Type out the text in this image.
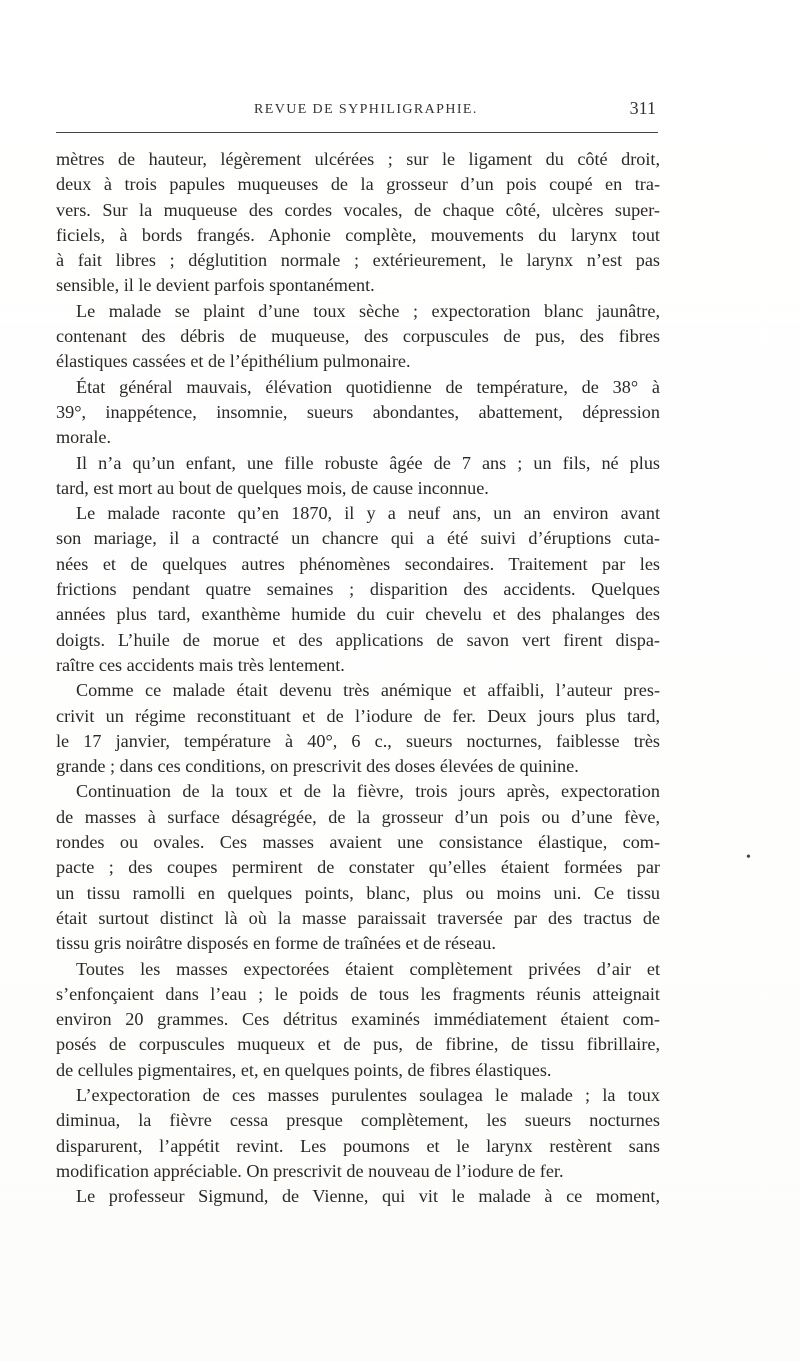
REVUE DE SYPHILIGRAPHIE.	311
mètres de hauteur, légèrement ulcérées ; sur le ligament du côté droit,
deux à trois papules muqueuses de la grosseur d’un pois coupé en tra-
vers. Sur la muqueuse des cordes vocales, de chaque côté, ulcères super-
ficiels, à bords frangés. Aphonie complète, mouvements du larynx tout
à fait libres ; déglutition normale ; extérieurement, le larynx n’est pas
sensible, il le devient parfois spontanément.
Le malade se plaint d’une toux sèche ; expectoration blanc jaunâtre,
contenant des débris de muqueuse, des corpuscules de pus, des fibres
élastiques cassées et de l’épithélium pulmonaire.
État général mauvais, élévation quotidienne de température, de 38° à
39°, inappétence, insomnie, sueurs abondantes, abattement, dépression
morale.
Il n’a qu’un enfant, une fille robuste âgée de 7 ans ; un fils, né plus
tard, est mort au bout de quelques mois, de cause inconnue.
Le malade raconte qu’en 1870, il y a neuf ans, un an environ avant
son mariage, il a contracté un chancre qui a été suivi d’éruptions cuta-
nées et de quelques autres phénomènes secondaires. Traitement par les
frictions pendant quatre semaines ; disparition des accidents. Quelques
années plus tard, exanthème humide du cuir chevelu et des phalanges des
doigts. L’huile de morue et des applications de savon vert firent dispa-
raître ces accidents mais très lentement.
Comme ce malade était devenu très anémique et affaibli, l’auteur pres-
crivit un régime reconstituant et de l’iodure de fer. Deux jours plus tard,
le 17 janvier, température à 40°, 6 c., sueurs nocturnes, faiblesse très
grande ; dans ces conditions, on prescrivit des doses élevées de quinine.
Continuation de la toux et de la fièvre, trois jours après, expectoration
de masses à surface désagrégée, de la grosseur d’un pois ou d’une fève,
rondes ou ovales. Ces masses avaient une consistance élastique, com-
pacte ; des coupes permirent de constater qu’elles étaient formées par
un tissu ramolli en quelques points, blanc, plus ou moins uni. Ce tissu
était surtout distinct là où la masse paraissait traversée par des tractus de
tissu gris noirâtre disposés en forme de traînées et de réseau.
Toutes les masses expectorées étaient complètement privées d’air et
s’enfonçaient dans l’eau ; le poids de tous les fragments réunis atteignait
environ 20 grammes. Ces détritus examinés immédiatement étaient com-
posés de corpuscules muqueux et de pus, de fibrine, de tissu fibrillaire,
de cellules pigmentaires, et, en quelques points, de fibres élastiques.
L’expectoration de ces masses purulentes soulagea le malade ; la toux
diminua, la fièvre cessa presque complètement, les sueurs nocturnes
disparurent, l’appétit revint. Les poumons et le larynx restèrent sans
modification appréciable. On prescrivit de nouveau de l’iodure de fer.
Le professeur Sigmund, de Vienne, qui vit le malade à ce moment,
•
